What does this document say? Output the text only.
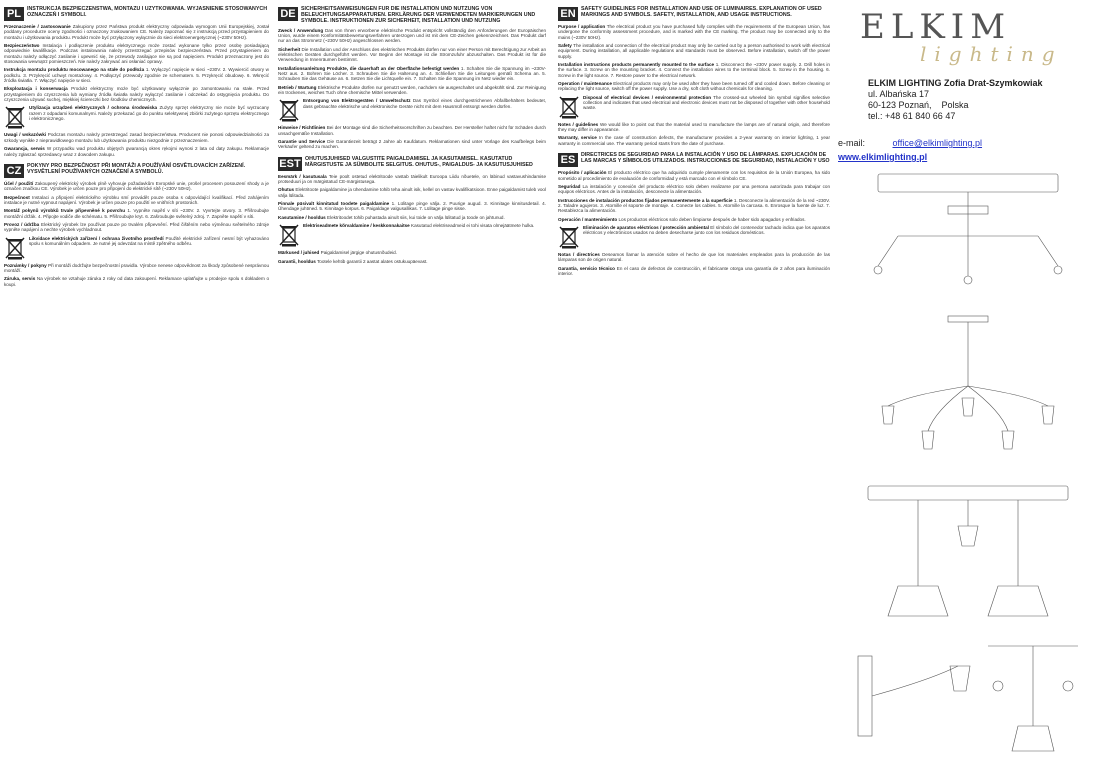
PL	INSTRUKCJA BEZPIECZEŃSTWA, MONTAŻU I UŻYTKOWANIA. WYJAŚNIENIE STOSOWANYCH OZNACZEŃ I SYMBOLI.
Przeznaczenie / zastosowanie Zakupiony przez Państwa produkt elektryczny odpowiada wymogom Unii Europejskiej, został poddany procedurze oceny zgodności i oznaczony znakowaniem CE. Należy zapoznać się z instrukcją przed przystąpieniem do montażu i użytkowania produktu. Produkt może być przyłączony wyłącznie do sieci elektroenergetycznej (~230V 50Hz).
Bezpieczeństwo Instalacja i podłączenie produktu elektrycznego może zostać wykonane tylko przez osobę posiadającą odpowiednie kwalifikacje. Podczas instalowania należy przestrzegać przepisów bezpieczeństwa. Przed przystąpieniem do montażu należy odłączyć zasilanie i upewnić się, że przewody zasilające nie są pod napięciem. Produkt przeznaczony jest do stosowania wewnątrz pomieszczeń. Nie należy zakrywać ani osłaniać oprawy.
Instrukcja montażu produktu mocowanego na stałe do podłoża 1. Wyłączyć napięcie w sieci ~230V. 2. Wywiercić otwory w podłożu. 3. Przykręcić uchwyt montażowy. 4. Podłączyć przewody zgodnie ze schematem. 5. Przykręcić obudowę. 6. Wkręcić źródła światła. 7. Włączyć napięcie w sieci.
Eksploatacja i konserwacja Produkt elektryczny może być użytkowany wyłącznie po zamontowaniu na stałe. Przed przystąpieniem do czyszczenia lub wymiany źródła światła należy wyłączyć zasilanie i odczekać do ostygnięcia produktu. Do czyszczenia używać suchej, miękkiej ściereczki bez środków chemicznych.
Utylizacja urządzeń elektrycznych / ochrona środowiska Zużyty sprzęt elektryczny nie może być wyrzucany razem z odpadami komunalnymi. Należy przekazać go do punktu selektywnej zbiórki zużytego sprzętu elektrycznego i elektronicznego.
Uwagi / wskazówki Podczas montażu należy przestrzegać zasad bezpieczeństwa. Producent nie ponosi odpowiedzialności za szkody wynikłe z nieprawidłowego montażu lub użytkowania produktu niezgodnie z przeznaczeniem.
Gwarancja, serwis W przypadku wad produktu objętych gwarancją okres rękojmi wynosi 2 lata od daty zakupu. Reklamacje należy zgłaszać sprzedawcy wraz z dowodem zakupu.
CZ	POKYNY PRO BEZPEČNOST PŘI MONTÁŽI A POUŽÍVÁNÍ OSVĚTLOVACÍCH ZAŘÍZENÍ. VYSVĚTLENÍ POUŽÍVANÝCH OZNAČENÍ A SYMBOLŮ.
Účel / použití Zakoupený elektrický výrobek plně vyhovuje požadavkům Evropské unie, prošel procesem posouzení shody a je označen značkou CE. Výrobek je určen pouze pro připojení do elektrické sítě (~230V 50Hz).
Bezpečnost Instalaci a připojení elektrického výrobku smí provádět pouze osoba s odpovídající kvalifikací. Před zahájením instalace je nutné vypnout napájení. Výrobek je určen pouze pro použití ve vnitřních prostorách.
Montáž pokynů výrobků trvale připevněné k povrchu 1. Vypněte napětí v síti ~230V. 2. Vyvrtejte otvory. 3. Přišroubujte montážní držák. 4. Připojte vodiče dle schématu. 5. Přišroubujte kryt. 6. Zašroubujte světelný zdroj. 7. Zapněte napětí v síti.
Provoz / údržba Elektrický výrobek lze používat pouze po trvalém připevnění. Před čištěním nebo výměnou světelného zdroje vypněte napájení a nechte výrobek vychladnout.
Likvidace elektrických zařízení / ochrana životního prostředí Použité elektrické zařízení nesmí být vyhazováno spolu s komunálním odpadem. Je nutné jej odevzdat na místě zpětného odběru.
Poznámky / pokyny Při montáži dodržujte bezpečnostní pravidla. Výrobce nenese odpovědnost za škody způsobené nesprávnou montáží.
Záruka, servis Na výrobek se vztahuje záruka 2 roky od data zakoupení. Reklamace uplatňujte u prodejce spolu s dokladem o koupi.
DE	SICHERHEITSANWEISUNGEN FÜR DIE INSTALLATION UND NUTZUNG VON BELEUCHTUNGSAPPARATUREN. ERKLÄRUNG DER VERWENDETEN MARKIERUNGEN UND SYMBOLE. INSTRUKTIONEN ZUR SICHERHEIT, INSTALLATION UND NUTZUNG
Zweck / Anwendung Das von Ihnen erworbene elektrische Produkt entspricht vollständig den Anforderungen der Europäischen Union, wurde einem Konformitätsbewertungsverfahren unterzogen und ist mit dem CE-Zeichen gekennzeichnet. Das Produkt darf nur an das Stromnetz (~230V 50Hz) angeschlossen werden.
Sicherheit Die Installation und der Anschluss des elektrischen Produkts dürfen nur von einer Person mit Berechtigung zur Arbeit an elektrischen Geräten durchgeführt werden. Vor Beginn der Montage ist die Stromzufuhr abzuschalten. Das Produkt ist für die Verwendung in Innenräumen bestimmt.
Installationsanleitung Produkte, die dauerhaft an der Oberfläche befestigt werden 1. Schalten Sie die Spannung im ~230V-Netz aus. 2. Bohren Sie Löcher. 3. Schrauben Sie die Halterung an. 4. Schließen Sie die Leitungen gemäß Schema an. 5. Schrauben Sie das Gehäuse an. 6. Setzen Sie die Lichtquelle ein. 7. Schalten Sie die Spannung im Netz wieder ein.
Betrieb / Wartung Elektrische Produkte dürfen nur genutzt werden, nachdem sie ausgeschaltet und abgekühlt sind. Zur Reinigung ein trockenes, weiches Tuch ohne chemische Mittel verwenden.
Entsorgung von Elektrogeräten / Umweltschutz Das Symbol eines durchgestrichenen Abfallbehälters bedeutet, dass gebrauchte elektrische und elektronische Geräte nicht mit dem Hausmüll entsorgt werden dürfen.
Hinweise / Richtlinien Bei der Montage sind die Sicherheitsvorschriften zu beachten. Der Hersteller haftet nicht für Schäden durch unsachgemäße Installation.
Garantie und Service Die Garantiezeit beträgt 2 Jahre ab Kaufdatum. Reklamationen sind unter Vorlage des Kaufbelegs beim Verkäufer geltend zu machen.
EST OHUTUSJUHISED VALGUSTITE PAIGALDAMISEL JA KASUTAMISEL. KASUTATUD MÄRGISTUSTE JA SÜMBOLITE SELGITUS. OHUTUS-, PAIGALDUS- JA KASUTUSJUHISED
Eesmärk / kasutusala Teie poolt ostetud elektritoode vastab täielikult Euroopa Liidu nõuetele, on läbinud vastavushindamise protseduuri ja on märgistatud CE-märgistusega.
Ohutus Elektritoote paigaldamine ja ühendamine tohib teha ainult isik, kellel on vastav kvalifikatsioon. Enne paigaldamist tuleb vool välja lülitada.
Pinnale püsivalt kinnitatud toodete paigaldamine 1. Lülitage pinge välja. 2. Puurige augud. 3. Kinnitage kinnitusdetail. 4. Ühendage juhtmed. 5. Kinnitage korpus. 6. Paigaldage valgusallikas. 7. Lülitage pinge sisse.
Kasutamine / hooldus Elektritoodet tohib puhastada ainult siis, kui toide on välja lülitatud ja toode on jahtunud.
Elektriseadmete kõrvaldamine / keskkonnakaitse Kasutatud elektriseadmeid ei tohi visata olmejäätmete hulka.
Märkused / juhised Paigaldamisel järgige ohutusnõudeid.
Garantii, hooldus Tootele kehtib garantii 2 aastat alates ostukuupäevast.
EN	SAFETY GUIDELINES FOR INSTALLATION AND USE OF LUMINAIRES. EXPLANATION OF USED MARKINGS AND SYMBOLS. SAFETY, INSTALLATION, AND USAGE INSTRUCTIONS.
Purpose / application The electrical product you have purchased fully complies with the requirements of the European Union, has undergone the conformity assessment procedure, and is marked with the CE marking. The product may be connected only to the mains (~230V 50Hz).
Safety The installation and connection of the electrical product may only be carried out by a person authorised to work with electrical equipment. During installation, all applicable regulations and standards must be observed. Before installation, switch off the power supply.
Installation instructions products permanently mounted to the surface 1. Disconnect the ~230V power supply. 2. Drill holes in the surface. 3. Screw on the mounting bracket. 4. Connect the installation wires to the terminal block. 5. Screw in the housing. 6. Screw in the light source. 7. Restore power to the electrical network.
Operation / maintenance Electrical products may only be used after they have been turned off and cooled down. Before cleaning or replacing the light source, switch off the power supply. Use a dry, soft cloth without chemicals for cleaning.
Disposal of electrical devices / environmental protection The crossed-out wheeled bin symbol signifies selective collection and indicates that used electrical and electronic devices must not be disposed of together with other household waste.
Notes / guidelines We would like to point out that the material used to manufacture the lamps are of natural origin, and therefore they may differ in appearance.
Warranty, service In the case of construction defects, the manufacturer provides a 2-year warranty on interior lighting, 1 year warranty in commercial use. The warranty period starts from the date of purchase.
ES	DIRECTRICES DE SEGURIDAD PARA LA INSTALACIÓN Y USO DE LÁMPARAS. EXPLICACIÓN DE LAS MARCAS Y SÍMBOLOS UTILIZADOS. INSTRUCCIONES DE SEGURIDAD, INSTALACIÓN Y USO
Propósito / aplicación El producto eléctrico que ha adquirido cumple plenamente con los requisitos de la Unión Europea, ha sido sometido al procedimiento de evaluación de conformidad y está marcado con el símbolo CE.
Seguridad La instalación y conexión del producto eléctrico solo deben realizarse por una persona autorizada para trabajar con equipos eléctricos. Antes de la instalación, desconecte la alimentación.
Instrucciones de instalación productos fijados permanentemente a la superficie 1. Desconecte la alimentación de la red ~230V. 2. Taladre agujeros. 3. Atornille el soporte de montaje. 4. Conecte los cables. 5. Atornille la carcasa. 6. Enrosque la fuente de luz. 7. Restablezca la alimentación.
Operación / mantenimiento Los productos eléctricos solo deben limpiarse después de haber sido apagados y enfriados.
Eliminación de aparatos eléctricos / protección ambiental El símbolo del contenedor tachado indica que los aparatos eléctricos y electrónicos usados no deben desecharse junto con los residuos domésticos.
Notas / directrices Deseamos llamar la atención sobre el hecho de que los materiales empleados para la producción de las lámparas son de origen natural.
Garantía, servicio técnico En el caso de defectos de construcción, el fabricante otorga una garantía de 2 años para iluminación interior.
ELKIM
lighting
ELKIM LIGHTING Zofia Drat-Szymkowiak
ul. Albańska 17
60-123 Poznań,    Polska
tel.: +48 61 840 66 47
e-mail:	office@elkimlighting.pl
www.elkimlighting.pl
